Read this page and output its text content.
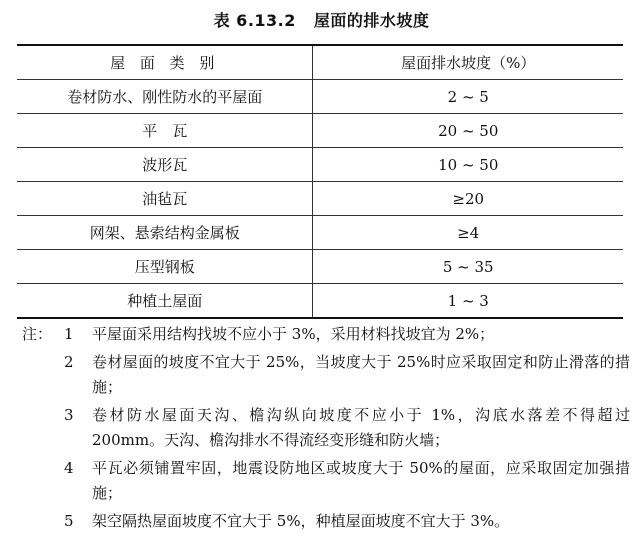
表 6.13.2 屋面的排水坡度
屋 面 类 别	屋面排水坡度（%）
卷材防水、刚性防水的平屋面	2 ~ 5
平　瓦	20 ~ 50
波形瓦	10 ~ 50
油毡瓦	≥20
网架、悬索结构金属板	≥4
压型钢板	5 ~ 35
种植土屋面	1 ~ 3
注： 1	平屋面采用结构找坡不应小于 3%，采用材料找坡宜为 2%；
2	卷材屋面的坡度不宜大于 25%，当坡度大于 25%时应采取固定和防止滑落的措施；
3	卷材防水屋面天沟、檐沟纵向坡度不应小于 1%，沟底水落差不得超过 200mm。天沟、檐沟排水不得流经变形缝和防火墙；
4	平瓦必须铺置牢固，地震设防地区或坡度大于 50%的屋面，应采取固定加强措施；
5	架空隔热屋面坡度不宜大于 5%，种植屋面坡度不宜大于 3%。
